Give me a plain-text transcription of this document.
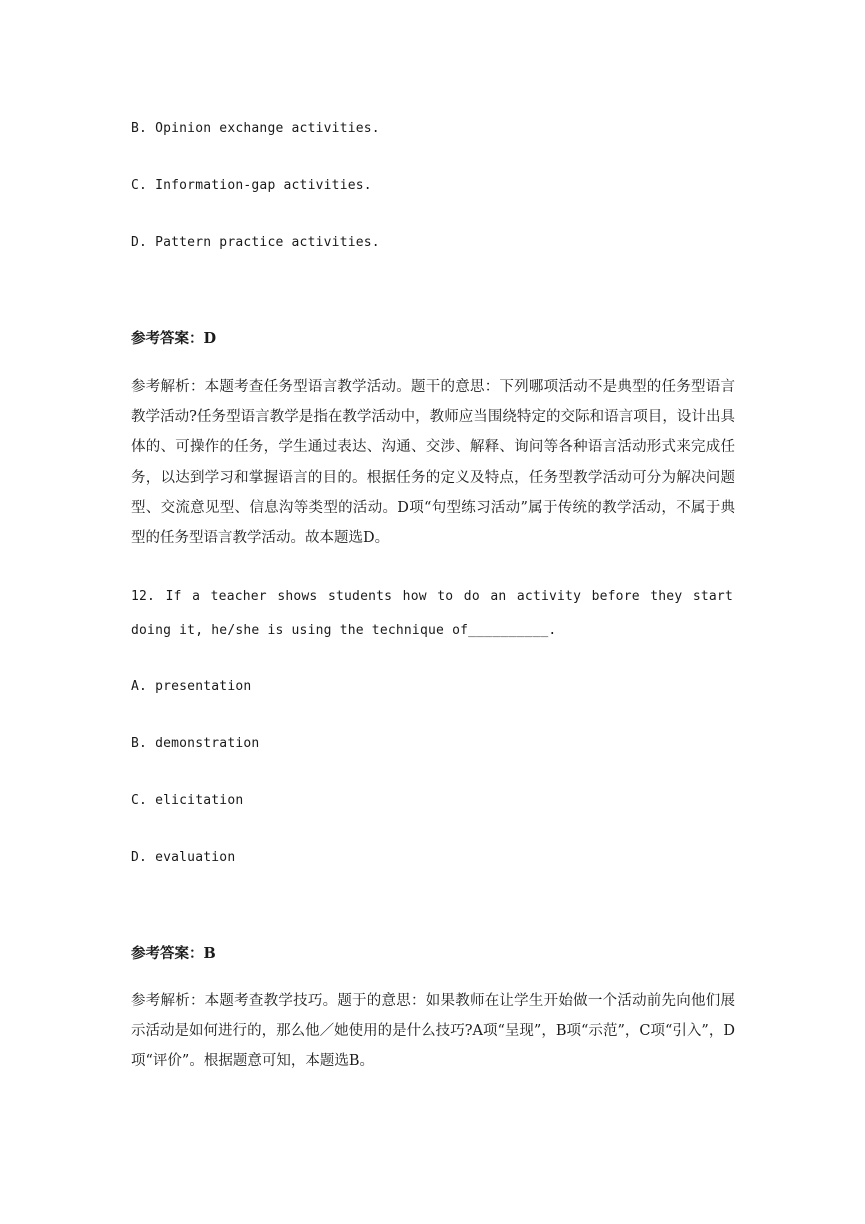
B. Opinion exchange activities.
C. Information-gap activities.
D. Pattern practice activities.
参考答案：D
参考解析：本题考查任务型语言教学活动。题干的意思：下列哪项活动不是典型的任务型语言教学活动?任务型语言教学是指在教学活动中，教师应当围绕特定的交际和语言项目，设计出具体的、可操作的任务，学生通过表达、沟通、交涉、解释、询问等各种语言活动形式来完成任务，以达到学习和掌握语言的目的。根据任务的定义及特点，任务型教学活动可分为解决问题型、交流意见型、信息沟等类型的活动。D项“句型练习活动”属于传统的教学活动，不属于典型的任务型语言教学活动。故本题选D。
12. If a teacher shows students how to do an activity before they start doing it, he/she is using the technique of__________.
A. presentation
B. demonstration
C. elicitation
D. evaluation
参考答案：B
参考解析：本题考查教学技巧。题于的意思：如果教师在让学生开始做一个活动前先向他们展示活动是如何进行的，那么他／她使用的是什么技巧?A项“呈现”，B项“示范”，C项“引入”，D项“评价”。根据题意可知，本题选B。
